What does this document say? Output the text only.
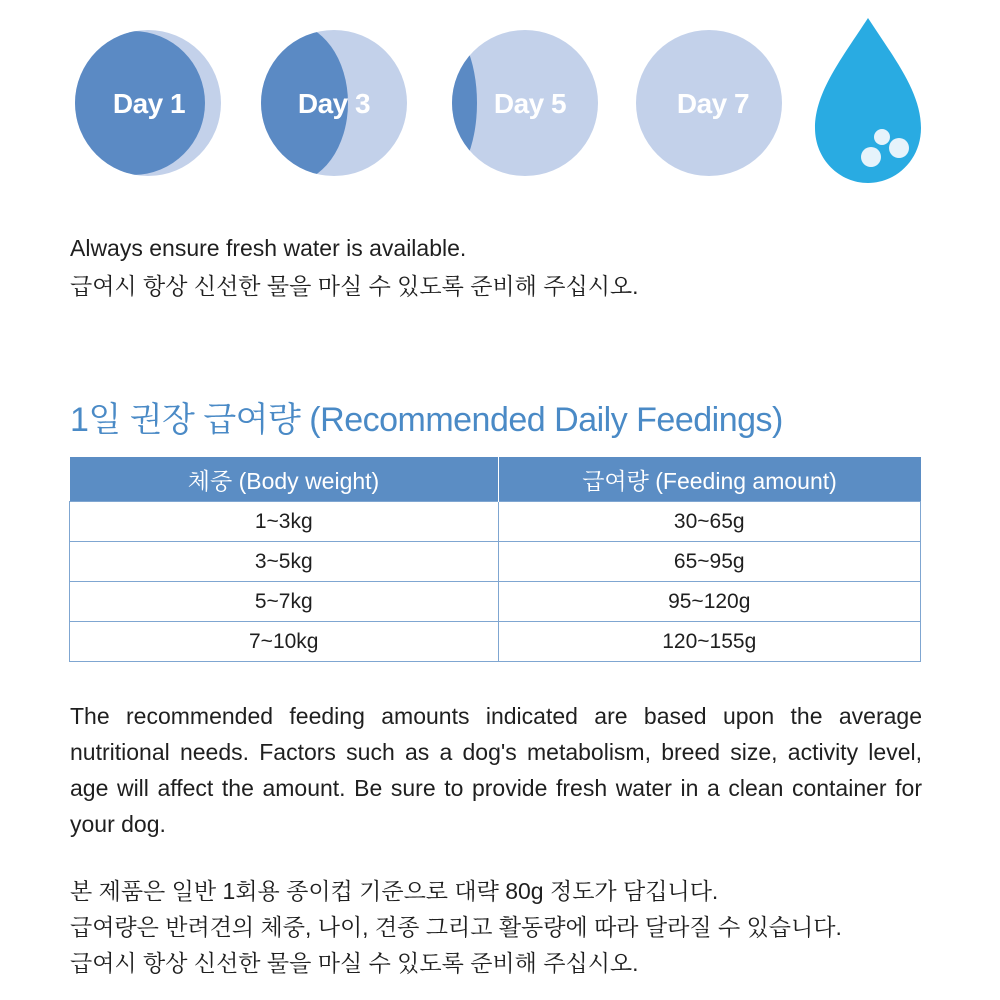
Day 1	Day 3	Day 5	Day 7
Always ensure fresh water is available.
급여시 항상 신선한 물을 마실 수 있도록 준비해 주십시오.
1일 권장 급여량 (Recommended Daily Feedings)
체중 (Body weight)	급여량 (Feeding amount)
1~3kg	30~65g
3~5kg	65~95g
5~7kg	95~120g
7~10kg	120~155g
The recommended feeding amounts indicated are based upon the average nutritional needs. Factors such as a dog's metabolism, breed size, activity level, age will affect the amount. Be sure to provide fresh water in a clean container for your dog.
본 제품은 일반 1회용 종이컵 기준으로 대략 80g 정도가 담깁니다.
급여량은 반려견의 체중, 나이, 견종 그리고 활동량에 따라 달라질 수 있습니다.
급여시 항상 신선한 물을 마실 수 있도록 준비해 주십시오.
